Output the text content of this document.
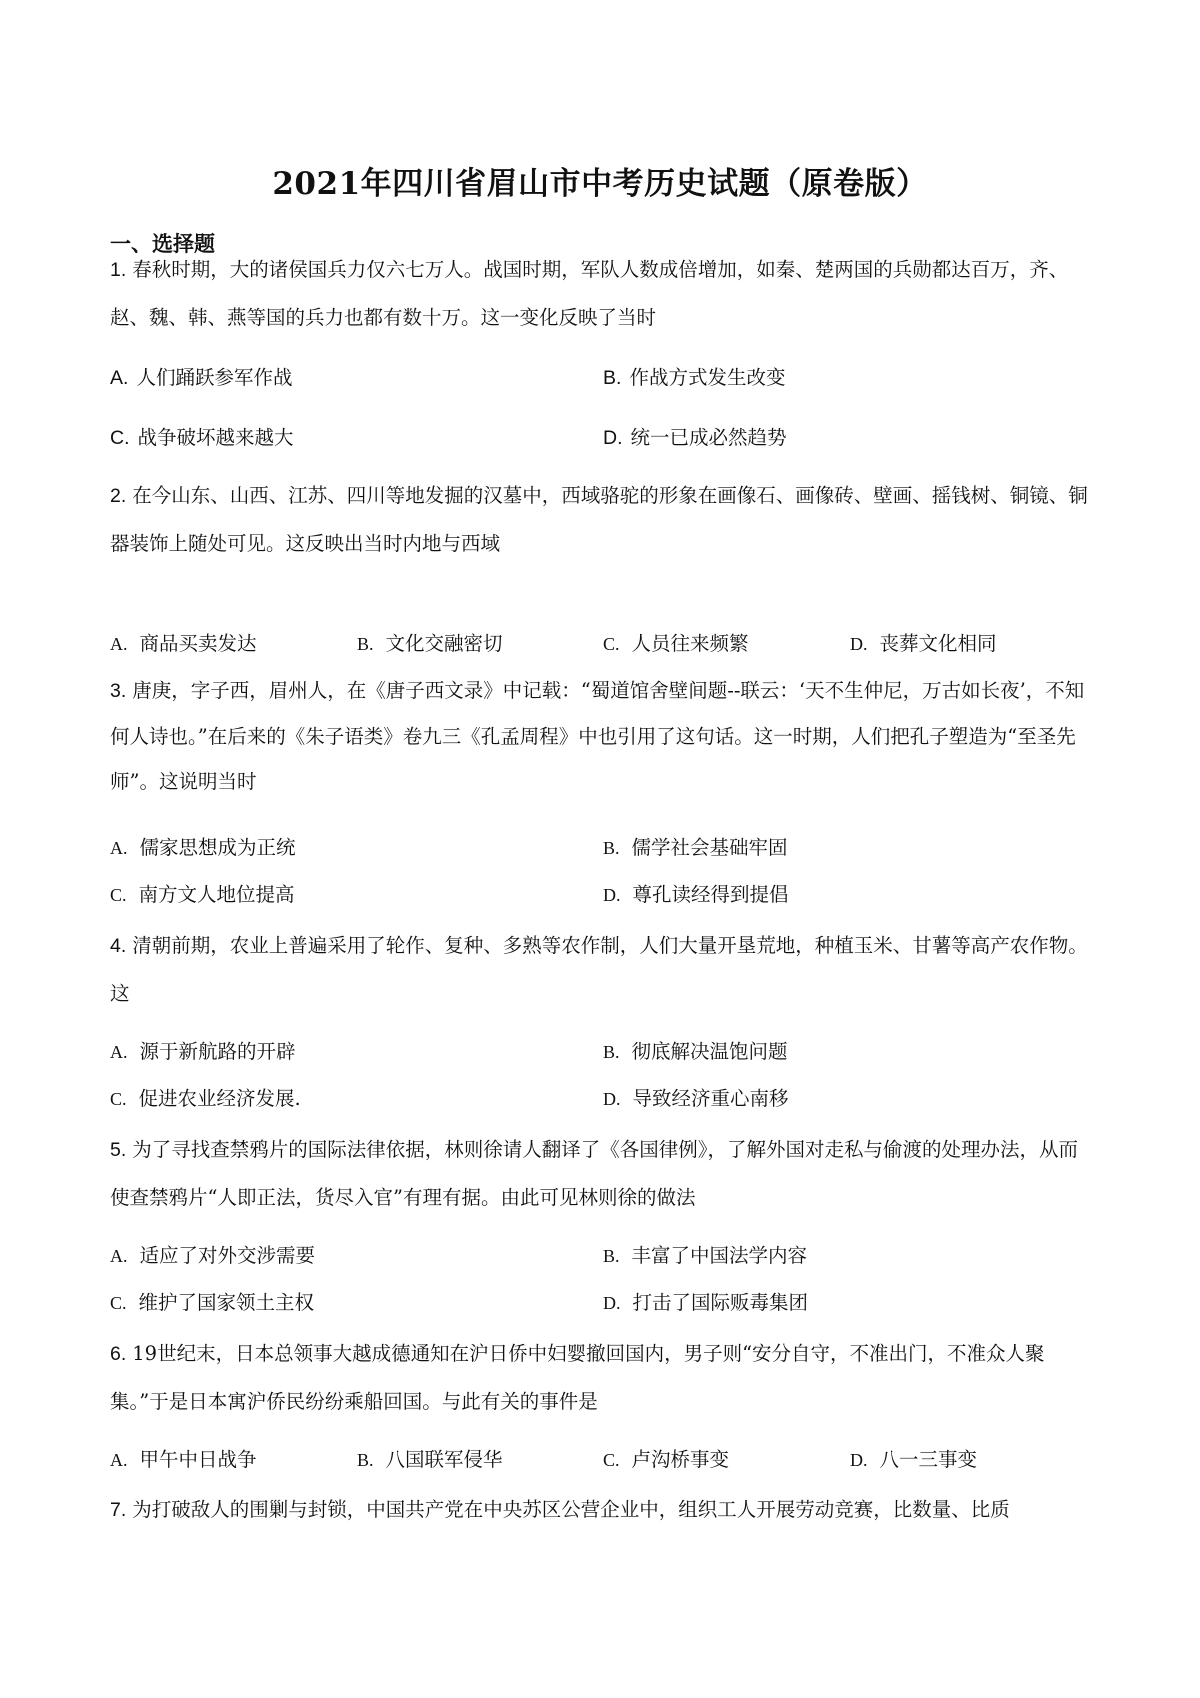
2021年四川省眉山市中考历史试题（原卷版）
一、选择题
1. 春秋时期，大的诸侯国兵力仅六七万人。战国时期，军队人数成倍增加，如秦、楚两国的兵勋都达百万，齐、赵、魏、韩、燕等国的兵力也都有数十万。这一变化反映了当时
A. 人们踊跃参军作战	B. 作战方式发生改变
C. 战争破坏越来越大	D. 统一已成必然趋势
2. 在今山东、山西、江苏、四川等地发掘的汉墓中，西域骆驼的形象在画像石、画像砖、壁画、摇钱树、铜镜、铜器装饰上随处可见。这反映出当时内地与西域
A. 商品买卖发达	B. 文化交融密切	C. 人员往来频繁	D. 丧葬文化相同
3. 唐庚，字子西，眉州人，在《唐子西文录》中记载：“蜀道馆舍壁间题--联云：‘天不生仲尼，万古如长夜’，不知何人诗也。”在后来的《朱子语类》卷九三《孔孟周程》中也引用了这句话。这一时期，人们把孔子塑造为“至圣先师”。这说明当时
A. 儒家思想成为正统	B. 儒学社会基础牢固
C. 南方文人地位提高	D. 尊孔读经得到提倡
4. 清朝前期，农业上普遍采用了轮作、复种、多熟等农作制，人们大量开垦荒地，种植玉米、甘薯等高产农作物。这
A. 源于新航路的开辟	B. 彻底解决温饱问题
C. 促进农业经济发展.	D. 导致经济重心南移
5. 为了寻找查禁鸦片的国际法律依据，林则徐请人翻译了《各国律例》，了解外国对走私与偷渡的处理办法，从而使查禁鸦片“人即正法，货尽入官”有理有据。由此可见林则徐的做法
A. 适应了对外交涉需要	B. 丰富了中国法学内容
C. 维护了国家领土主权	D. 打击了国际贩毒集团
6. 19世纪末，日本总领事大越成德通知在沪日侨中妇婴撤回国内，男子则“安分自守，不准出门，不准众人聚集。”于是日本寓沪侨民纷纷乘船回国。与此有关的事件是
A. 甲午中日战争	B. 八国联军侵华	C. 卢沟桥事变	D. 八一三事变
7. 为打破敌人的围剿与封锁，中国共产党在中央苏区公营企业中，组织工人开展劳动竞赛，比数量、比质
